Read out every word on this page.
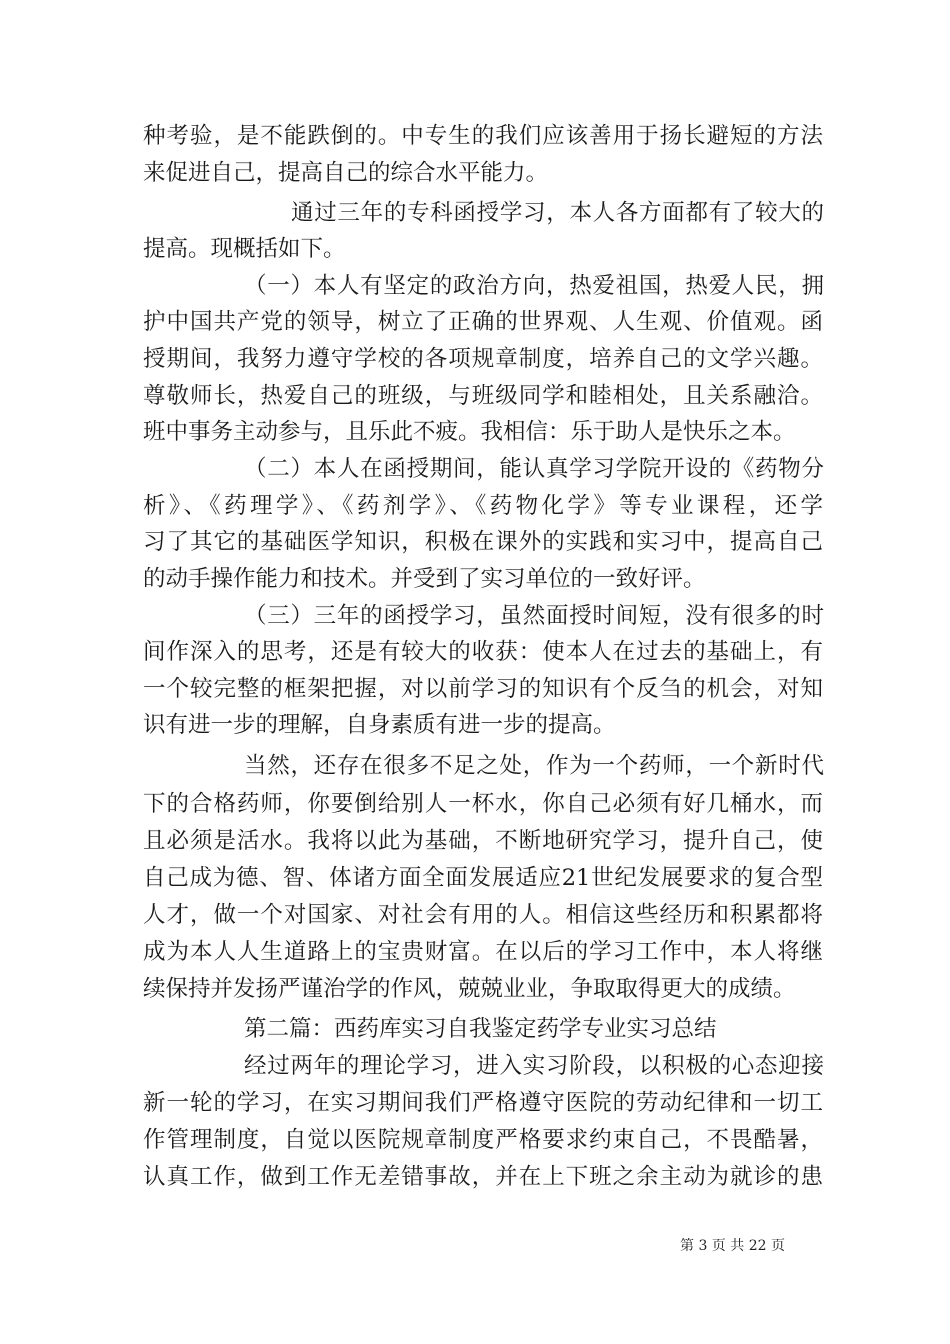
种考验，是不能跌倒的。中专生的我们应该善用于扬长避短的方法
来促进自己，提高自己的综合水平能力。
通过三年的专科函授学习，本人各方面都有了较大的
提高。现概括如下。
（一）本人有坚定的政治方向，热爱祖国，热爱人民，拥
护中国共产党的领导，树立了正确的世界观、人生观、价值观。函
授期间，我努力遵守学校的各项规章制度，培养自己的文学兴趣。
尊敬师长，热爱自己的班级，与班级同学和睦相处，且关系融洽。
班中事务主动参与，且乐此不疲。我相信：乐于助人是快乐之本。
（二）本人在函授期间，能认真学习学院开设的《药物分
析》、《药理学》、《药剂学》、《药物化学》等专业课程，还学
习了其它的基础医学知识，积极在课外的实践和实习中，提高自己
的动手操作能力和技术。并受到了实习单位的一致好评。
（三）三年的函授学习，虽然面授时间短，没有很多的时
间作深入的思考，还是有较大的收获：使本人在过去的基础上，有
一个较完整的框架把握，对以前学习的知识有个反刍的机会，对知
识有进一步的理解，自身素质有进一步的提高。
当然，还存在很多不足之处，作为一个药师，一个新时代
下的合格药师，你要倒给别人一杯水，你自己必须有好几桶水，而
且必须是活水。我将以此为基础，不断地研究学习，提升自己，使
自己成为德、智、体诸方面全面发展适应21世纪发展要求的复合型
人才，做一个对国家、对社会有用的人。相信这些经历和积累都将
成为本人人生道路上的宝贵财富。在以后的学习工作中，本人将继
续保持并发扬严谨治学的作风，兢兢业业，争取取得更大的成绩。
第二篇：西药库实习自我鉴定药学专业实习总结
经过两年的理论学习，进入实习阶段，以积极的心态迎接
新一轮的学习，在实习期间我们严格遵守医院的劳动纪律和一切工
作管理制度，自觉以医院规章制度严格要求约束自己，不畏酷暑，
认真工作，做到工作无差错事故，并在上下班之余主动为就诊的患
第 3 页 共 22 页
